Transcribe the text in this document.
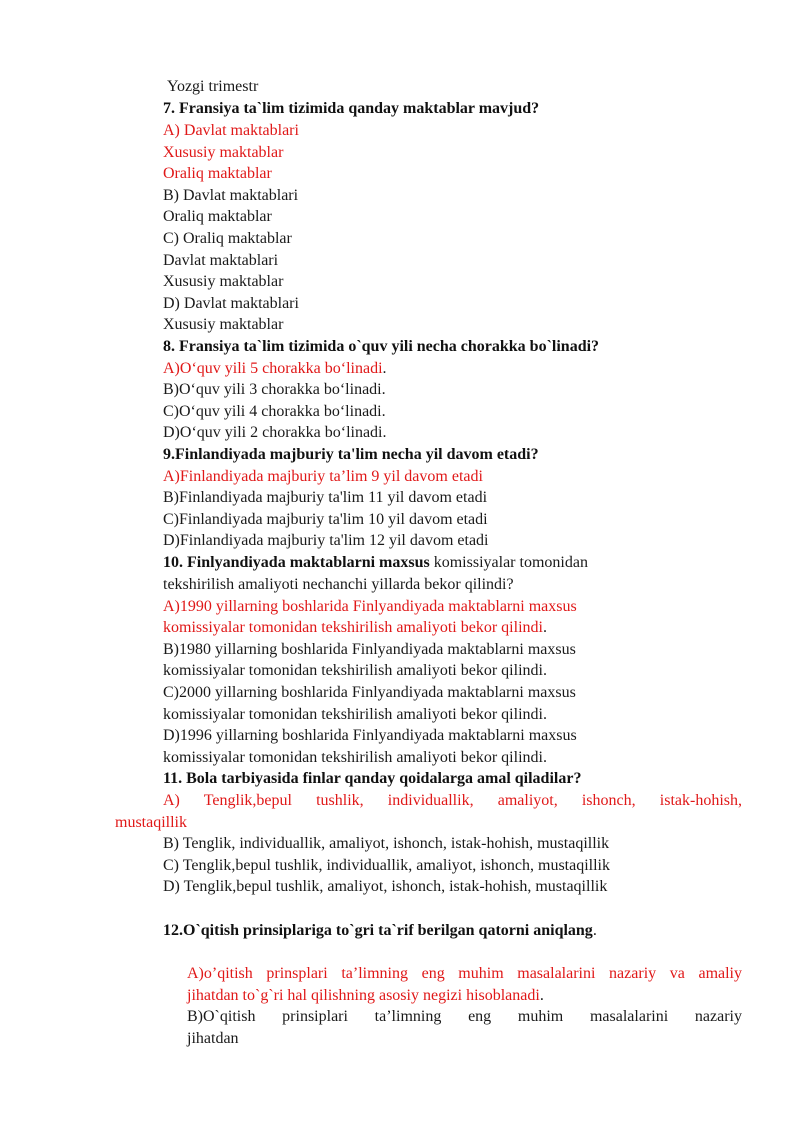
Yozgi trimestr
7. Fransiya ta`lim tizimida qanday maktablar mavjud?
A) Davlat maktablari
Xususiy maktablar
Oraliq maktablar
B) Davlat maktablari
Oraliq maktablar
C) Oraliq maktablar
Davlat maktablari
Xususiy maktablar
D) Davlat maktablari
Xususiy maktablar
8. Fransiya ta`lim tizimida o`quv yili necha chorakka bo`linadi?
A)O‘quv yili 5 chorakka bo‘linadi.
B)O‘quv yili 3 chorakka bo‘linadi.
C)O‘quv yili 4 chorakka bo‘linadi.
D)O‘quv yili 2 chorakka bo‘linadi.
9.Finlandiyada majburiy ta'lim necha yil davom etadi?
A)Finlandiyada majburiy ta’lim 9 yil davom etadi
B)Finlandiyada majburiy ta'lim 11 yil davom etadi
C)Finlandiyada majburiy ta'lim 10 yil davom etadi
D)Finlandiyada majburiy ta'lim 12 yil davom etadi
10. Finlyandiyada maktablarni maxsus komissiyalar tomonidan
tekshirilish amaliyoti nechanchi yillarda bekor qilindi?
A)1990 yillarning boshlarida Finlyandiyada maktablarni maxsus
komissiyalar tomonidan tekshirilish amaliyoti bekor qilindi.
B)1980 yillarning boshlarida Finlyandiyada maktablarni maxsus
komissiyalar tomonidan tekshirilish amaliyoti bekor qilindi.
C)2000 yillarning boshlarida Finlyandiyada maktablarni maxsus
komissiyalar tomonidan tekshirilish amaliyoti bekor qilindi.
D)1996 yillarning boshlarida Finlyandiyada maktablarni maxsus
komissiyalar tomonidan tekshirilish amaliyoti bekor qilindi.
11. Bola tarbiyasida finlar qanday qoidalarga amal qiladilar?
A) Tenglik,bepul tushlik, individuallik, amaliyot, ishonch, istak-hohish,
mustaqillik
B) Tenglik, individuallik, amaliyot, ishonch, istak-hohish, mustaqillik
C) Tenglik,bepul tushlik, individuallik, amaliyot, ishonch, mustaqillik
D) Tenglik,bepul tushlik, amaliyot, ishonch, istak-hohish, mustaqillik
12.O`qitish prinsiplariga to`gri ta`rif berilgan qatorni aniqlang.
A)o’qitish prinsplari ta’limning eng muhim masalalarini nazariy va amaliy
jihatdan to`g`ri hal qilishning asosiy negizi hisoblanadi.
B)O`qitish prinsiplari ta’limning eng muhim masalalarini nazariy
jihatdan
